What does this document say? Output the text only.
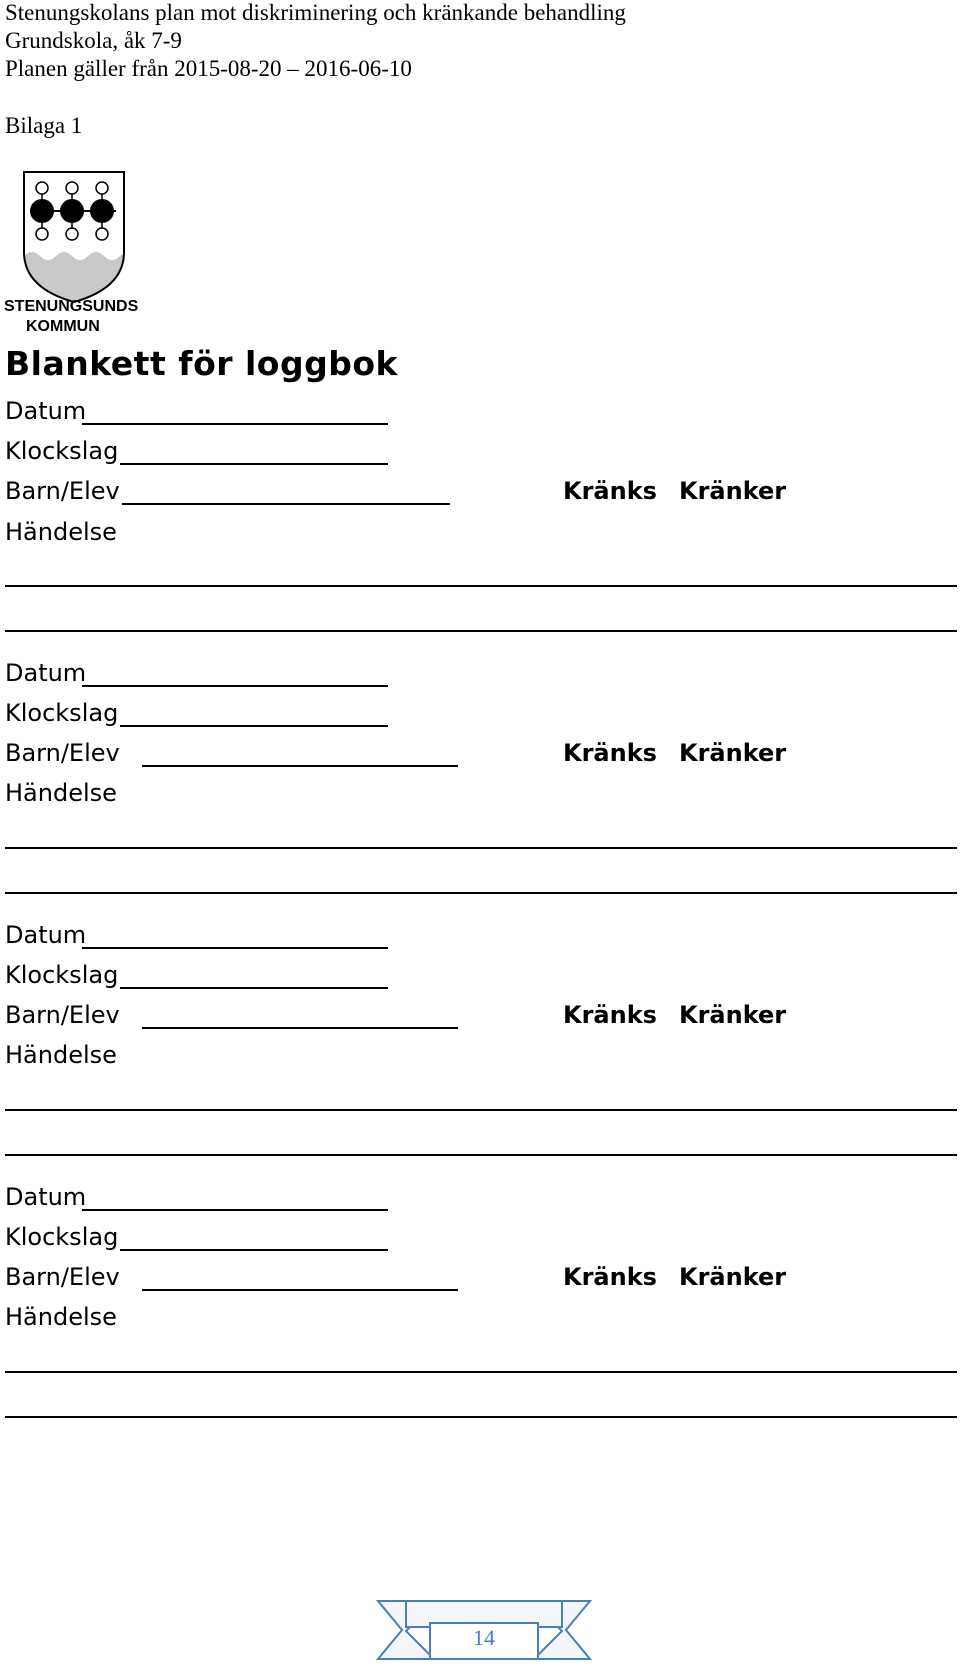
Stenungskolans plan mot diskriminering och kränkande behandling
Grundskola, åk 7-9
Planen gäller från 2015-08-20 – 2016-06-10
Bilaga 1
STENUNGSUNDS
KOMMUN
Blankett för loggbok
Datum
Klockslag
Barn/Elev	Kränks Kränker
Händelse
Datum
Klockslag
Barn/Elev	Kränks Kränker
Händelse
Datum
Klockslag
Barn/Elev	Kränks Kränker
Händelse
Datum
Klockslag
Barn/Elev	Kränks Kränker
Händelse
14
